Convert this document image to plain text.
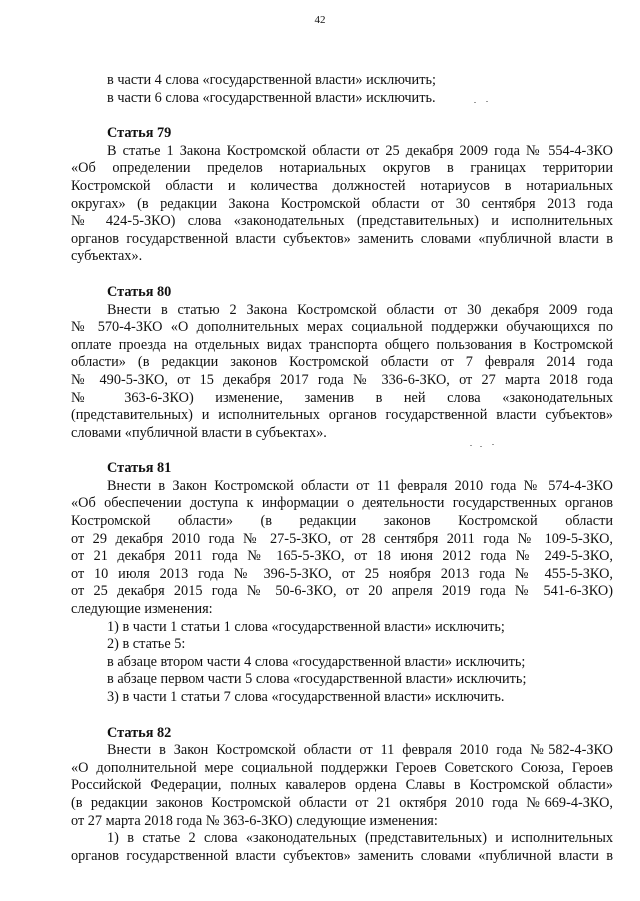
42
в части 4 слова «государственной власти» исключить;
в части 6 слова «государственной власти» исключить.
Статья 79
В статье 1 Закона Костромской области от 25 декабря 2009 года № 554-4-ЗКО
«Об определении пределов нотариальных округов в границах территории
Костромской области и количества должностей нотариусов в нотариальных
округах» (в редакции Закона Костромской области от 30 сентября 2013 года
№ 424-5-ЗКО) слова «законодательных (представительных) и исполнительных
органов государственной власти субъектов» заменить словами «публичной власти в
субъектах».
Статья 80
Внести в статью 2 Закона Костромской области от 30 декабря 2009 года
№ 570-4-ЗКО «О дополнительных мерах социальной поддержки обучающихся по
оплате проезда на отдельных видах транспорта общего пользования в Костромской
области» (в редакции законов Костромской области от 7 февраля 2014 года
№ 490-5-ЗКО, от 15 декабря 2017 года № 336-6-ЗКО, от 27 марта 2018 года
№ 363-6-ЗКО) изменение, заменив в ней слова «законодательных
(представительных) и исполнительных органов государственной власти субъектов»
словами «публичной власти в субъектах».
Статья 81
Внести в Закон Костромской области от 11 февраля 2010 года № 574-4-ЗКО
«Об обеспечении доступа к информации о деятельности государственных органов
Костромской области» (в редакции законов Костромской области
от 29 декабря 2010 года № 27-5-ЗКО, от 28 сентября 2011 года № 109-5-ЗКО,
от 21 декабря 2011 года № 165-5-ЗКО, от 18 июня 2012 года № 249-5-ЗКО,
от 10 июля 2013 года № 396-5-ЗКО, от 25 ноября 2013 года № 455-5-ЗКО,
от 25 декабря 2015 года № 50-6-ЗКО, от 20 апреля 2019 года № 541-6-ЗКО)
следующие изменения:
1) в части 1 статьи 1 слова «государственной власти» исключить;
2) в статье 5:
в абзаце втором части 4 слова «государственной власти» исключить;
в абзаце первом части 5 слова «государственной власти» исключить;
3) в части 1 статьи 7 слова «государственной власти» исключить.
Статья 82
Внести в Закон Костромской области от 11 февраля 2010 года №582-4-ЗКО
«О дополнительной мере социальной поддержки Героев Советского Союза, Героев
Российской Федерации, полных кавалеров ордена Славы в Костромской области»
(в редакции законов Костромской области от 21 октября 2010 года №669-4-ЗКО,
от 27 марта 2018 года № 363-6-ЗКО) следующие изменения:
1) в статье 2 слова «законодательных (представительных) и исполнительных
органов государственной власти субъектов» заменить словами «публичной власти в
